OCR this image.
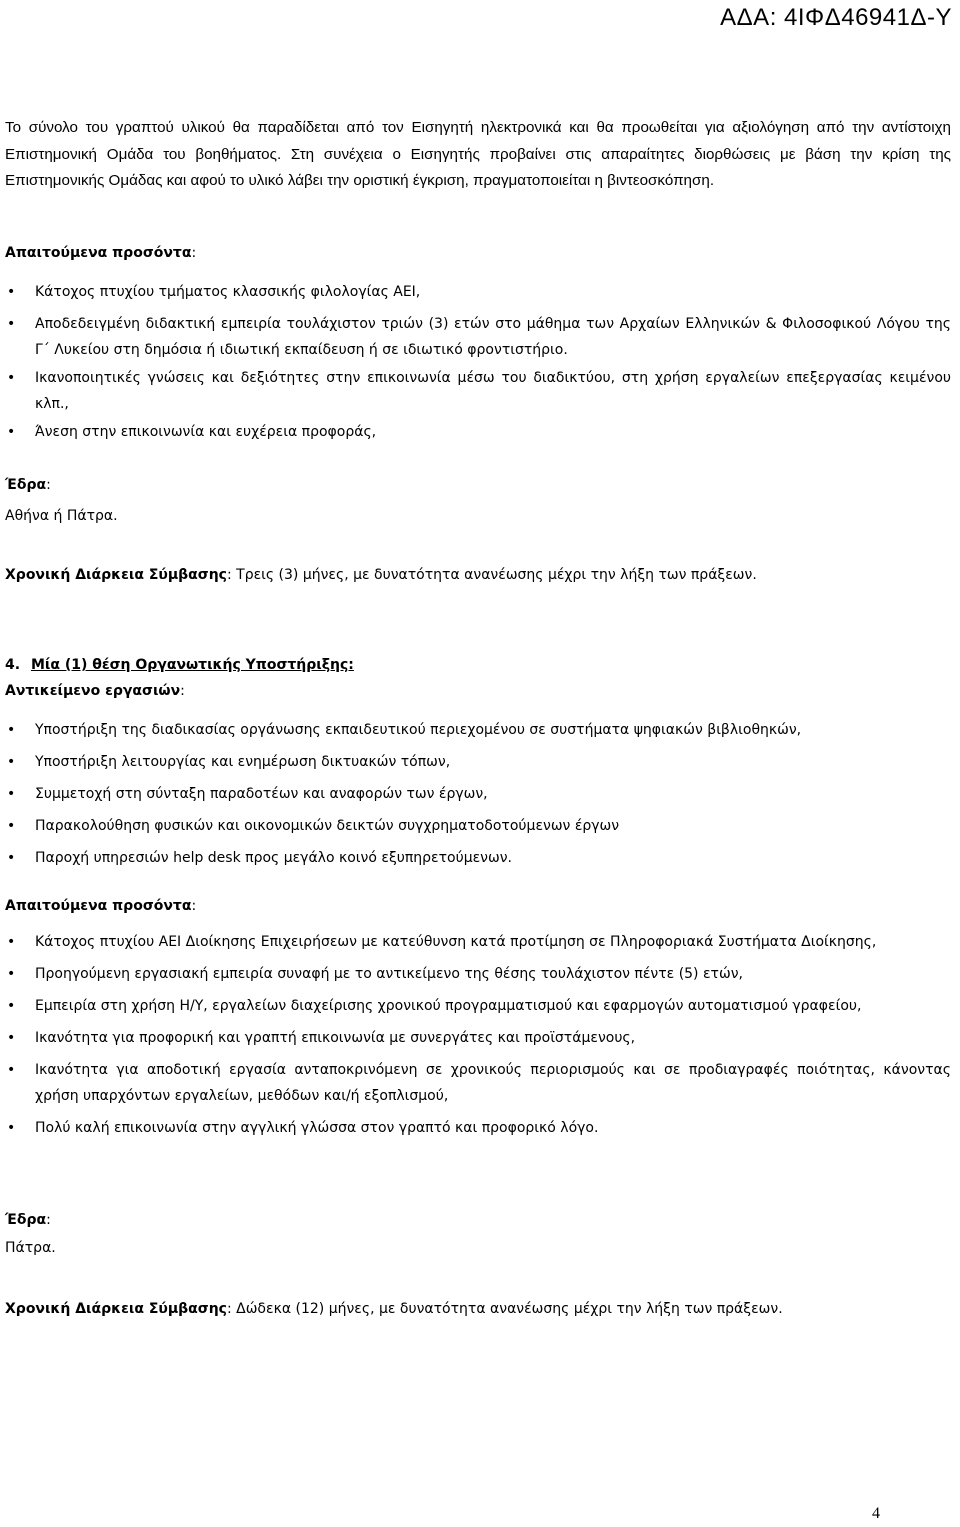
ΑΔΑ: 4ΙΦΔ46941Δ-Υ
Το σύνολο του γραπτού υλικού θα παραδίδεται από τον Εισηγητή ηλεκτρονικά και θα προωθείται για αξιολόγηση από την αντίστοιχη Επιστημονική Ομάδα του βοηθήματος. Στη συνέχεια ο Εισηγητής προβαίνει στις απαραίτητες διορθώσεις με βάση την κρίση της Επιστημονικής Ομάδας και αφού το υλικό λάβει την οριστική έγκριση, πραγματοποιείται η βιντεοσκόπηση.
Απαιτούμενα προσόντα:
• Κάτοχος πτυχίου τμήματος κλασσικής φιλολογίας ΑΕΙ,
• Αποδεδειγμένη διδακτική εμπειρία τουλάχιστον τριών (3) ετών στο μάθημα των Αρχαίων Ελληνικών & Φιλοσοφικού Λόγου της Γ΄ Λυκείου στη δημόσια ή ιδιωτική εκπαίδευση ή σε ιδιωτικό φροντιστήριο.
• Ικανοποιητικές γνώσεις και δεξιότητες στην επικοινωνία μέσω του διαδικτύου, στη χρήση εργαλείων επεξεργασίας κειμένου κλπ.,
• Άνεση στην επικοινωνία και ευχέρεια προφοράς,
Έδρα:
Αθήνα ή Πάτρα.
Χρονική Διάρκεια Σύμβασης: Τρεις (3) μήνες, με δυνατότητα ανανέωσης μέχρι την λήξη των πράξεων.
4. Μία (1) θέση Οργανωτικής Υποστήριξης:
Αντικείμενο εργασιών:
• Υποστήριξη της διαδικασίας οργάνωσης εκπαιδευτικού περιεχομένου σε συστήματα ψηφιακών βιβλιοθηκών,
• Υποστήριξη λειτουργίας και ενημέρωση δικτυακών τόπων,
• Συμμετοχή στη σύνταξη παραδοτέων και αναφορών των έργων,
• Παρακολούθηση φυσικών και οικονομικών δεικτών συγχρηματοδοτούμενων έργων
• Παροχή υπηρεσιών help desk προς μεγάλο κοινό εξυπηρετούμενων.
Απαιτούμενα προσόντα:
• Κάτοχος πτυχίου ΑΕΙ Διοίκησης Επιχειρήσεων με κατεύθυνση κατά προτίμηση σε Πληροφοριακά Συστήματα Διοίκησης,
• Προηγούμενη εργασιακή εμπειρία συναφή με το αντικείμενο της θέσης τουλάχιστον πέντε (5) ετών,
• Εμπειρία στη χρήση Η/Υ, εργαλείων διαχείρισης χρονικού προγραμματισμού και εφαρμογών αυτοματισμού γραφείου,
• Ικανότητα για προφορική και γραπτή επικοινωνία με συνεργάτες και προϊστάμενους,
• Ικανότητα για αποδοτική εργασία ανταποκρινόμενη σε χρονικούς περιορισμούς και σε προδιαγραφές ποιότητας, κάνοντας χρήση υπαρχόντων εργαλείων, μεθόδων και/ή εξοπλισμού,
• Πολύ καλή επικοινωνία στην αγγλική γλώσσα στον γραπτό και προφορικό λόγο.
Έδρα:
Πάτρα.
Χρονική Διάρκεια Σύμβασης: Δώδεκα (12) μήνες, με δυνατότητα ανανέωσης μέχρι την λήξη των πράξεων.
4
